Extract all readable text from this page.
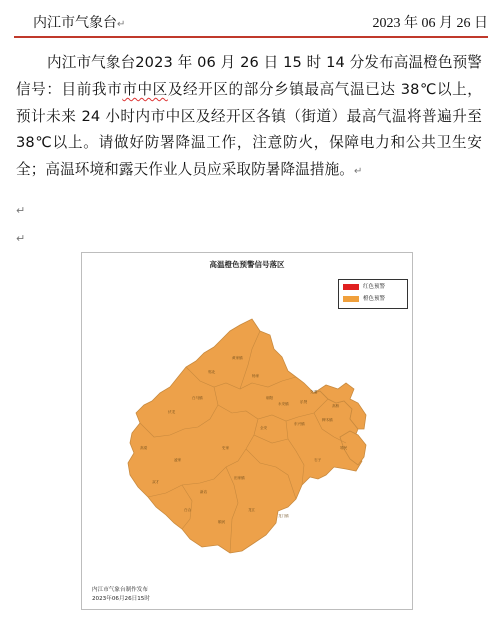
内江市气象台↵	2023 年 06 月 26 日
内江市气象台2023 年 06 月 26 日 15 时 14 分发布高温橙色预警信号：目前我市市中区及经开区的部分乡镇最高气温已达 38℃以上，预计未来 24 小时内市中区及经开区各镇（街道）最高气温将普遍升至 38℃以上。请做好防署降温工作，注意防火，保障电力和公共卫生安全；高温环境和露天作业人员应采取防暑降温措施。↵
↵
↵
高温橙色预警信号落区
红色预警
橙色预警
黄家镇
白马镇
伏龙
龙门镇
史家
凌家
朝阳
永安镇
东兴镇
全安
乐贤
椑木镇
高桥
靖民
新店
田家镇
双才
杨家
郭北
交通
龙江
高梁
石子
顺河
白合
内江市气象台制作发布
2023年06月26日15时
